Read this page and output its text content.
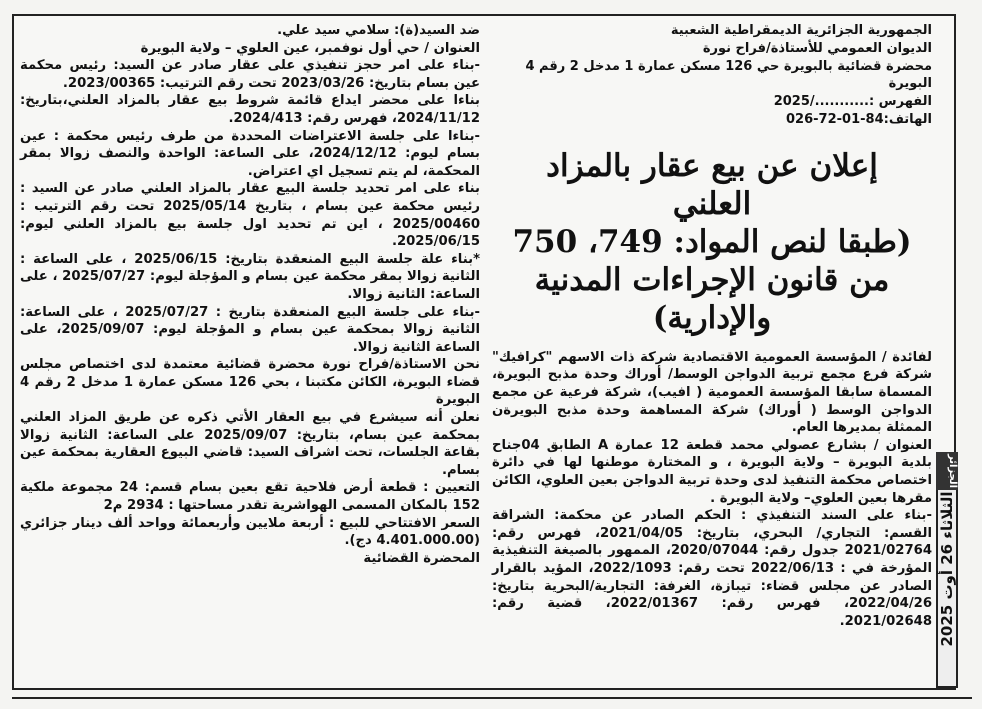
الجمهورية الجزائرية الديمقراطية الشعبية

الديوان العمومي للأستاذة/فراح نورة

محضرة قضائية بالبويرة حي 126 مسكن عمارة 1 مدخل 2 رقم 4 البويرة

الفهرس :.........../2025

الهاتف:84-01-72-026

إعلان عن بيع عقار بالمزاد
العلني
(طبقا لنص المواد: 749، 750
من قانون الإجراءات المدنية
والإدارية)

لفائدة / المؤسسة العمومية الاقتصادية شركة ذات الاسهم "كرافيك" شركة فرع مجمع تربية الدواجن الوسط/ أوراك وحدة مذبح البويرة، المسماة سابقا المؤسسة العمومية ( افيب)، شركة فرعية عن مجمع الدواجن الوسط ( أوراك) شركة المساهمة وحدة مذبح البويرةن الممثلة بمديرها العام.

العنوان / بشارع عصولي محمد قطعة 12 عمارة A الطابق 04جناح بلدية البويرة – ولاية البويرة ، و المختارة موطنها لها في دائرة اختصاص محكمة التنفيذ لدى وحدة تربية الدواجن بعين العلوي، الكائن مقرها بعين العلوي– ولاية البويرة .

-بناء على السند التنفيذي : الحكم الصادر عن محكمة: الشراقة القسم: التجاري/ البحري، بتاريخ: 2021/04/05، فهرس رقم: 2021/02764 جدول رقم: 2020/07044، الممهور بالصيغة التنفيذية المؤرخة في : 2022/06/13 تحت رقم: 2022/1093، المؤيد بالقرار الصادر عن مجلس قضاء: تيبازة، الغرفة: التجارية/البحرية بتاريخ: 2022/04/26، فهرس رقم: 2022/01367، قضية رقم: 2021/02648.

ضد السيد(ة): سلامي سيد علي.

العنوان / حي أول نوفمبر، عين العلوي – ولاية البويرة

-بناء على امر حجز تنفيذي على عقار صادر عن السيد: رئيس محكمة عين بسام بتاريخ: 2023/03/26 تحت رقم الترتيب: 2023/00365.

بناءا على محضر ايداع قائمة شروط بيع عقار بالمزاد العلني،بتاريخ: 2024/11/12، فهرس رقم: 2024/413.

-بناءا على جلسة الاعتراضات المحددة من طرف رئيس محكمة : عين بسام ليوم: 2024/12/12، على الساعة: الواحدة والنصف زوالا بمقر المحكمة، لم يتم تسجيل اي اعتراض.

بناء على امر تحديد جلسة البيع عقار بالمزاد العلني صادر عن السيد : رئيس محكمة عين بسام ، بتاريخ 2025/05/14 تحت رقم الترتيب : 2025/00460 ، اين تم تحديد اول جلسة بيع بالمزاد العلني ليوم: 2025/06/15.

*بناء علة جلسة البيع المنعقدة بتاريخ: 2025/06/15 ، على الساعة : الثانية زوالا بمقر محكمة عين بسام و المؤجلة ليوم: 2025/07/27 ، على الساعة: الثانية زوالا.

-بناء على جلسة البيع المنعقدة بتاريخ : 2025/07/27 ، على الساعة: الثانية زوالا بمحكمة عين بسام و المؤجلة ليوم: 2025/09/07، على الساعة الثانية زوالا.

نحن الاستاذة/فراح نورة محضرة قضائية معتمدة لدى اختصاص مجلس قضاء البويرة، الكائن مكتبنا ، بحي 126 مسكن عمارة 1 مدخل 2 رقم 4 البويرة

نعلن أنه سيشرع في بيع العقار الأتي ذكره عن طريق المزاد العلني بمحكمة عين بسام، بتاريخ: 2025/09/07 على الساعة: الثانية زوالا بقاعة الجلسات، تحت اشراف السيد: قاضي البيوع العقارية بمحكمة عين بسام.

التعيين : قطعة أرض فلاحية تقع بعين بسام قسم: 24 مجموعة ملكية 152 بالمكان المسمى الهواشرية تقدر مساحتها : 2934 م2

السعر الافتتاحي للبيع : أربعة ملايين وأربعمائة وواحد ألف دينار جزائري (4.401.000.00 دج).

المحضرة القضائية

الثلاثاء 26 أوت 2025
الجزائر
